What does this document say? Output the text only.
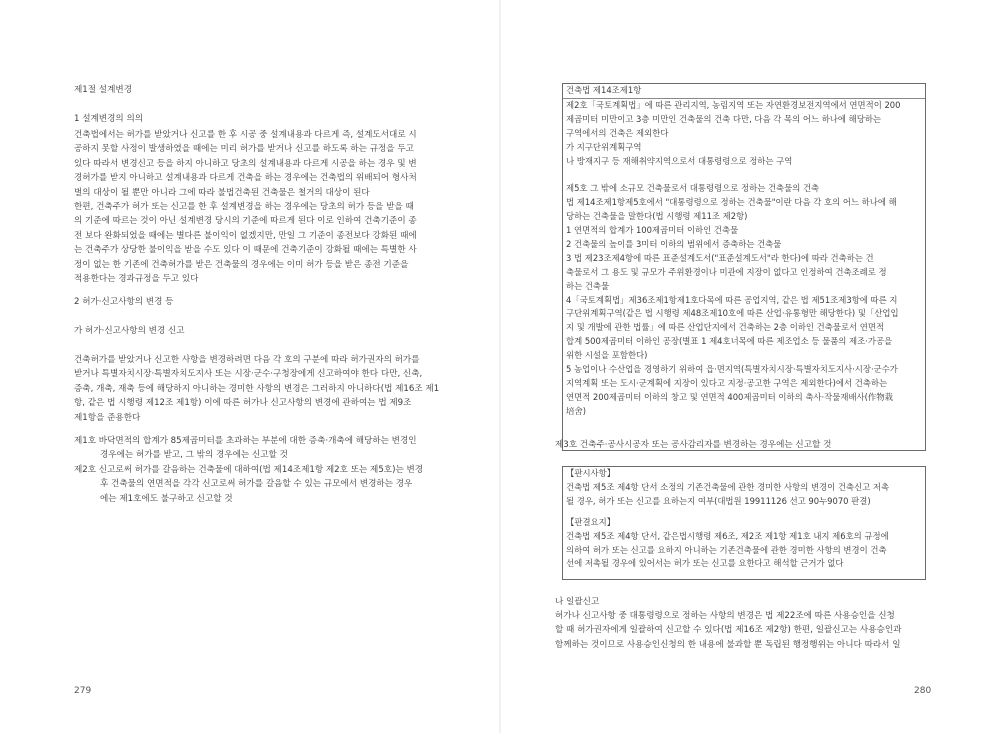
제1절 설계변경
1 설계변경의 의의
건축법에서는 허가를 받았거나 신고를 한 후 시공 중 설계내용과 다르게 즉, 설계도서대로 시
공하지 못할 사정이 발생하였을 때에는 미리 허가를 받거나 신고를 하도록 하는 규정을 두고
있다 따라서 변경신고 등을 하지 아니하고 당초의 설계내용과 다르게 시공을 하는 경우 및 변
경허가를 받지 아니하고 설계내용과 다르게 건축을 하는 경우에는 건축법의 위배되어 형사처
벌의 대상이 될 뿐만 아니라 그에 따라 불법건축된 건축물은 철거의 대상이 된다
한편, 건축주가 허가 또는 신고를 한 후 설계변경을 하는 경우에는 당초의 허가 등을 받을 때
의 기준에 따르는 것이 아닌 설계변경 당시의 기준에 따르게 된다 이로 인하여 건축기준이 종
전 보다 완화되었을 때에는 별다른 불이익이 없겠지만, 만일 그 기준이 종전보다 강화된 때에
는 건축주가 상당한 불이익을 받을 수도 있다 이 때문에 건축기준이 강화될 때에는 특별한 사
정이 없는 한 기존에 건축허가를 받은 건축물의 경우에는 이미 허가 등을 받은 종전 기준을
적용한다는 경과규정을 두고 있다
2 허가·신고사항의 변경 등
가 허가·신고사항의 변경 신고
건축허가를 받았거나 신고한 사항을 변경하려면 다음 각 호의 구분에 따라 허가권자의 허가를
받거나 특별자치시장·특별자치도지사 또는 시장·군수·구청장에게 신고하여야 한다 다만, 신축,
증축, 개축, 재축 등에 해당하지 아니하는 경미한 사항의 변경은 그러하지 아니하다(법 제16조 제1
항, 같은 법 시행령 제12조 제1항) 이에 따른 허가나 신고사항의 변경에 관하여는 법 제9조
제1항을 준용한다
제1호 바닥면적의 합계가 85제곱미터를 초과하는 부분에 대한 증축·개축에 해당하는 변경인
경우에는 허가를 받고, 그 밖의 경우에는 신고할 것
제2호 신고로써 허가를 갈음하는 건축물에 대하여(법 제14조제1항 제2호 또는 제5호)는 변경
후 건축물의 연면적을 각각 신고로써 허가를 갈음할 수 있는 규모에서 변경하는 경우
에는 제1호에도 불구하고 신고할 것
279
건축법 제14조제1항
제2호「국토계획법」에 따른 관리지역, 농림지역 또는 자연환경보전지역에서 연면적이 200
제곱미터 미만이고 3층 미만인 건축물의 건축 다만, 다음 각 목의 어느 하나에 해당하는
구역에서의 건축은 제외한다
가 지구단위계획구역
나 방재지구 등 재해취약지역으로서 대통령령으로 정하는 구역
제5호 그 밖에 소규모 건축물로서 대통령령으로 정하는 건축물의 건축
법 제14조제1항제5호에서 "대통령령으로 정하는 건축물"이란 다음 각 호의 어느 하나에 해
당하는 건축물을 말한다(법 시행령 제11조 제2항)
1 연면적의 합계가 100제곱미터 이하인 건축물
2 건축물의 높이를 3미터 이하의 범위에서 증축하는 건축물
3 법 제23조제4항에 따른 표준설계도서("표준설계도서"라 한다)에 따라 건축하는 건
축물로서 그 용도 및 규모가 주위환경이나 미관에 지장이 없다고 인정하여 건축조례로 정
하는 건축물
4「국토계획법」제36조제1항제1호다목에 따른 공업지역, 같은 법 제51조제3항에 따른 지
구단위계획구역(같은 법 시행령 제48조제10호에 따른 산업·유통형만 해당한다) 및「산업입
지 및 개발에 관한 법률」에 따른 산업단지에서 건축하는 2층 이하인 건축물로서 연면적
합계 500제곱미터 이하인 공장(별표 1 제4호너목에 따른 제조업소 등 물품의 제조·가공을
위한 시설을 포함한다)
5 농업이나 수산업을 경영하기 위하여 읍·면지역(특별자치시장·특별자치도지사·시장·군수가
지역계획 또는 도시·군계획에 지장이 있다고 지정·공고한 구역은 제외한다)에서 건축하는
연면적 200제곱미터 이하의 창고 및 연면적 400제곱미터 이하의 축사·작물재배사(作物栽
培舍)
제3호 건축주·공사시공자 또는 공사감리자를 변경하는 경우에는 신고할 것
【판시사항】
건축법 제5조 제4항 단서 소정의 기존건축물에 관한 경미한 사항의 변경이 건축신고 저촉
될 경우, 허가 또는 신고를 요하는지 여부(대법원 19911126 선고 90누9070 판결)
【판결요지】
건축법 제5조 제4항 단서, 같은법시행령 제6조, 제2조 제1항 제1호 내지 제6호의 규정에
의하여 허가 또는 신고를 요하지 아니하는 기존건축물에 관한 경미한 사항의 변경이 건축
선에 저촉될 경우에 있어서는 허가 또는 신고를 요한다고 해석할 근거가 없다
나 일괄신고
허가나 신고사항 중 대통령령으로 정하는 사항의 변경은 법 제22조에 따른 사용승인을 신청
할 때 허가권자에게 일괄하여 신고할 수 있다(법 제16조 제2항) 한편, 일괄신고는 사용승인과
함께하는 것이므로 사용승인신청의 한 내용에 불과할 뿐 독립된 행정행위는 아니다 따라서 일
280
